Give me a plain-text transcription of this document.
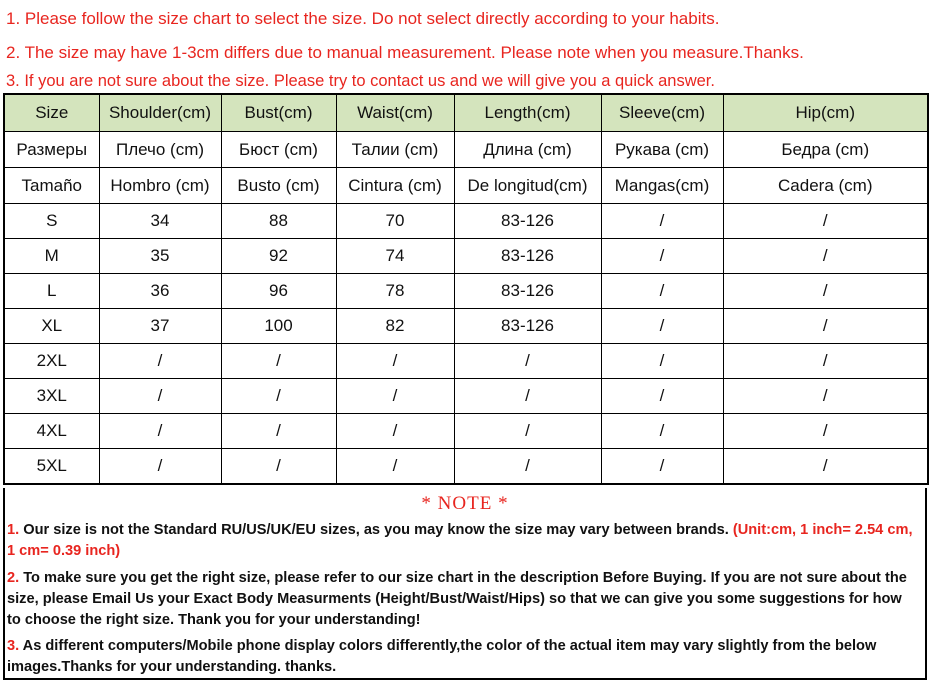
1. Please follow the size chart to select the size. Do not select directly according to your habits.
2. The size may have 1-3cm differs due to manual measurement. Please note when you measure.Thanks.
3. If you are not sure about the size. Please try to contact us and we will give you a quick answer.
Size	Shoulder(cm)	Bust(cm)	Waist(cm)	Length(cm)	Sleeve(cm)	Hip(cm)
Размеры	Плечо (cm)	Бюст (cm)	Талии (cm)	Длина (cm)	Рукава (cm)	Бедра (cm)
Tamaño	Hombro (cm)	Busto (cm)	Cintura (cm)	De longitud(cm)	Mangas(cm)	Cadera (cm)
S	34	88	70	83-126	/	/
M	35	92	74	83-126	/	/
L	36	96	78	83-126	/	/
XL	37	100	82	83-126	/	/
2XL	/	/	/	/	/	/
3XL	/	/	/	/	/	/
4XL	/	/	/	/	/	/
5XL	/	/	/	/	/	/
* NOTE *
1. Our size is not the Standard RU/US/UK/EU sizes, as you may know the size may vary between brands. (Unit:cm, 1 inch= 2.54 cm, 1 cm= 0.39 inch)
2. To make sure you get the right size, please refer to our size chart in the description Before Buying. If you are not sure about the size, please Email Us your Exact Body Measurments (Height/Bust/Waist/Hips) so that we can give you some suggestions for how to choose the right size. Thank you for your understanding!
3. As different computers/Mobile phone display colors differently,the color of the actual item may vary slightly from the below images.Thanks for your understanding. thanks.
